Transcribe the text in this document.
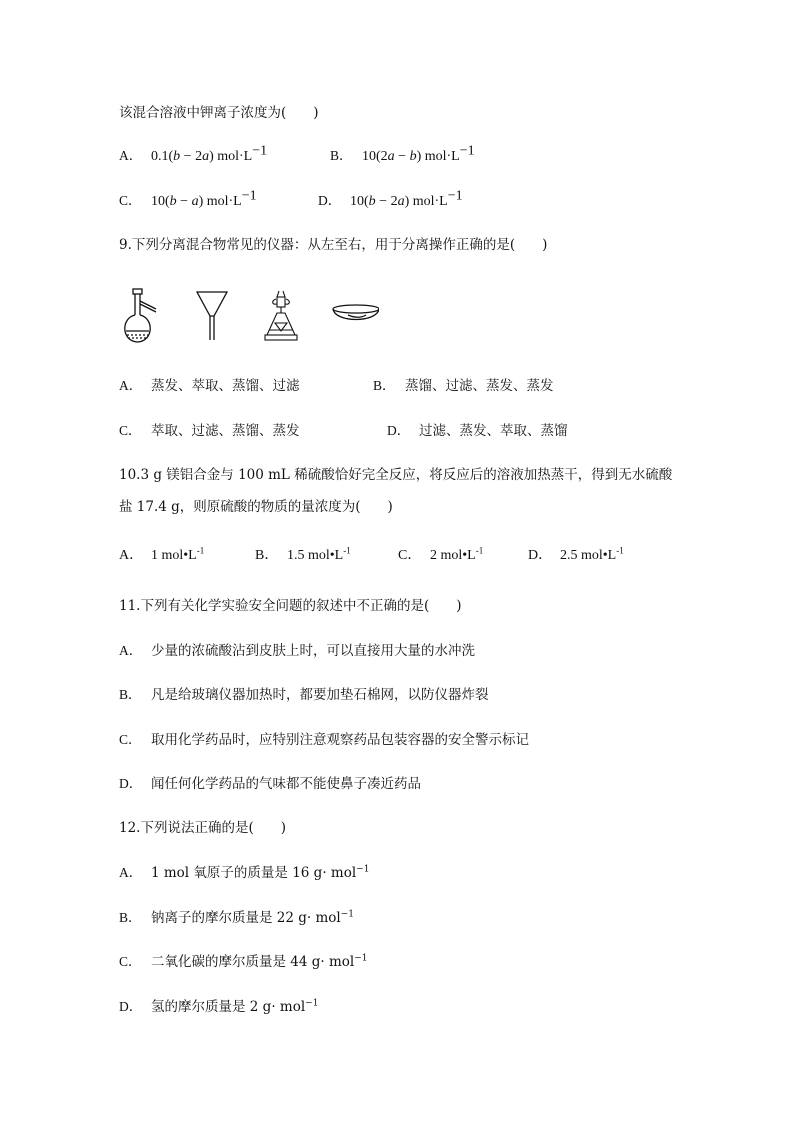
该混合溶液中钾离子浓度为(　　)
A． 0.1(b − 2a) $mol\cdot L^{-1}$	B． 10(2a − b) $mol\cdot L^{-1}$
C． 10(b − a) $mol\cdot L^{-1}$	D． 10(b − 2a) $mol\cdot L^{-1}$
9.下列分离混合物常见的仪器：从左至右，用于分离操作正确的是(　　)
A． 蒸发、萃取、蒸馏、过滤	B． 蒸馏、过滤、蒸发、蒸发
C． 萃取、过滤、蒸馏、蒸发	D． 过滤、蒸发、萃取、蒸馏
10.3 g 镁铝合金与 100 mL 稀硫酸恰好完全反应，将反应后的溶液加热蒸干，得到无水硫酸
盐 17.4 g，则原硫酸的物质的量浓度为(　　)
A． 1 $mol•L^{-1}$	B． 1.5 $mol•L^{-1}$	C． 2 $mol•L^{-1}$	D． 2.5 $mol•L^{-1}$
11.下列有关化学实验安全问题的叙述中不正确的是(　　)
A． 少量的浓硫酸沾到皮肤上时，可以直接用大量的水冲洗
B． 凡是给玻璃仪器加热时，都要加垫石棉网，以防仪器炸裂
C． 取用化学药品时，应特别注意观察药品包装容器的安全警示标记
D． 闻任何化学药品的气味都不能使鼻子凑近药品
12.下列说法正确的是(　　)
A． 1 mol 氧原子的质量是 16 g· mol$^{-1}$
B． 钠离子的摩尔质量是 22 g· mol$^{-1}$
C． 二氧化碳的摩尔质量是 44 g· mol$^{-1}$
D． 氢的摩尔质量是 2 g· mol$^{-1}$
